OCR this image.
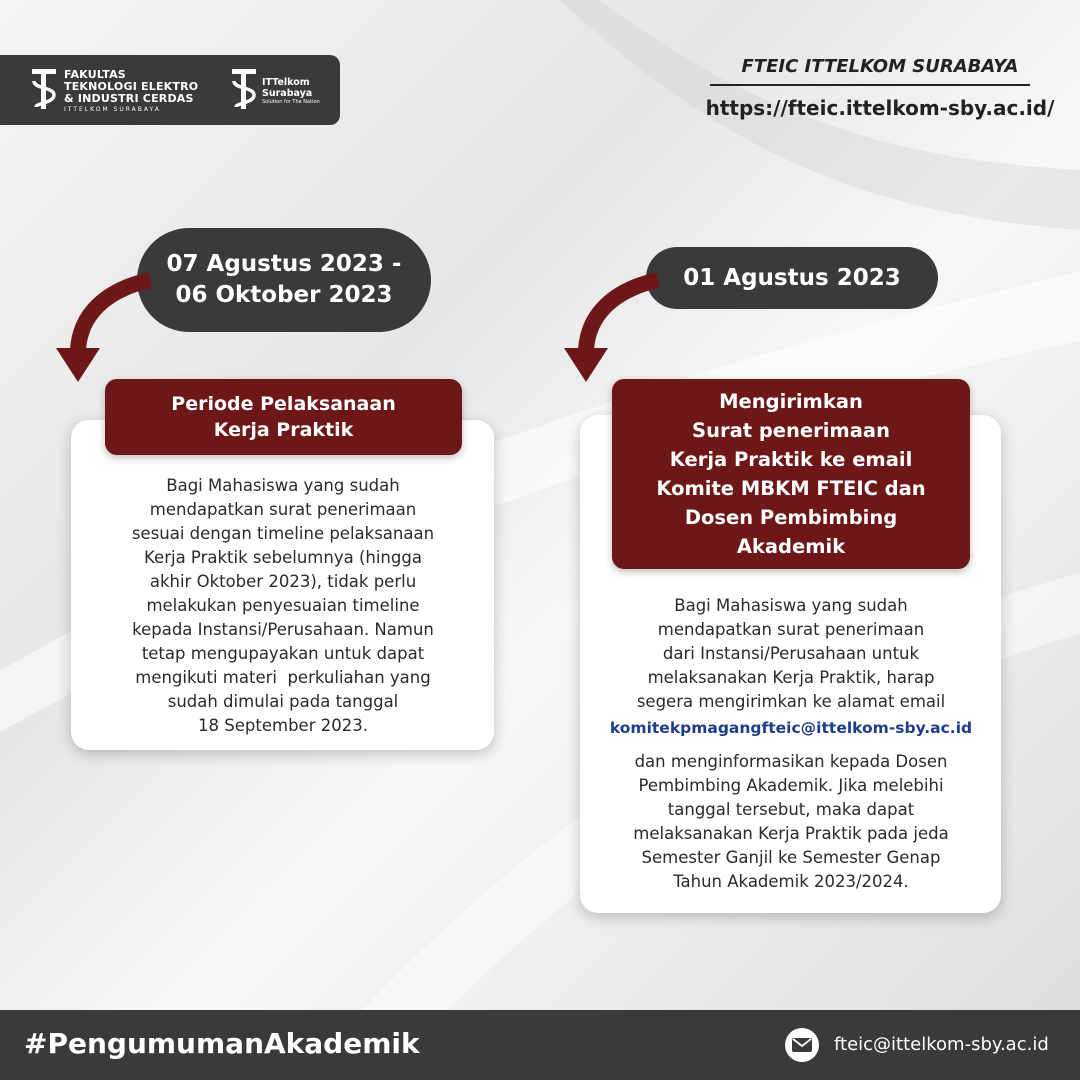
FAKULTAS
TEKNOLOGI ELEKTRO
& INDUSTRI CERDAS
ITTELKOM SURABAYA
ITTelkom
Surabaya
Solution for The Nation
FTEIC ITTELKOM SURABAYA
https://fteic.ittelkom-sby.ac.id/
07 Agustus 2023 -
06 Oktober 2023
Periode Pelaksanaan
Kerja Praktik
Bagi Mahasiswa yang sudah
mendapatkan surat penerimaan
sesuai dengan timeline pelaksanaan
Kerja Praktik sebelumnya (hingga
akhir Oktober 2023), tidak perlu
melakukan penyesuaian timeline
kepada Instansi/Perusahaan. Namun
tetap mengupayakan untuk dapat
mengikuti materi  perkuliahan yang
sudah dimulai pada tanggal
18 September 2023.
01 Agustus 2023
Mengirimkan
Surat penerimaan
Kerja Praktik ke email
Komite MBKM FTEIC dan
Dosen Pembimbing
Akademik
Bagi Mahasiswa yang sudah
mendapatkan surat penerimaan
dari Instansi/Perusahaan untuk
melaksanakan Kerja Praktik, harap
segera mengirimkan ke alamat email
komitekpmagangfteic@ittelkom-sby.ac.id
dan menginformasikan kepada Dosen
Pembimbing Akademik. Jika melebihi
tanggal tersebut, maka dapat
melaksanakan Kerja Praktik pada jeda
Semester Ganjil ke Semester Genap
Tahun Akademik 2023/2024.
#PengumumanAkademik	fteic@ittelkom-sby.ac.id
